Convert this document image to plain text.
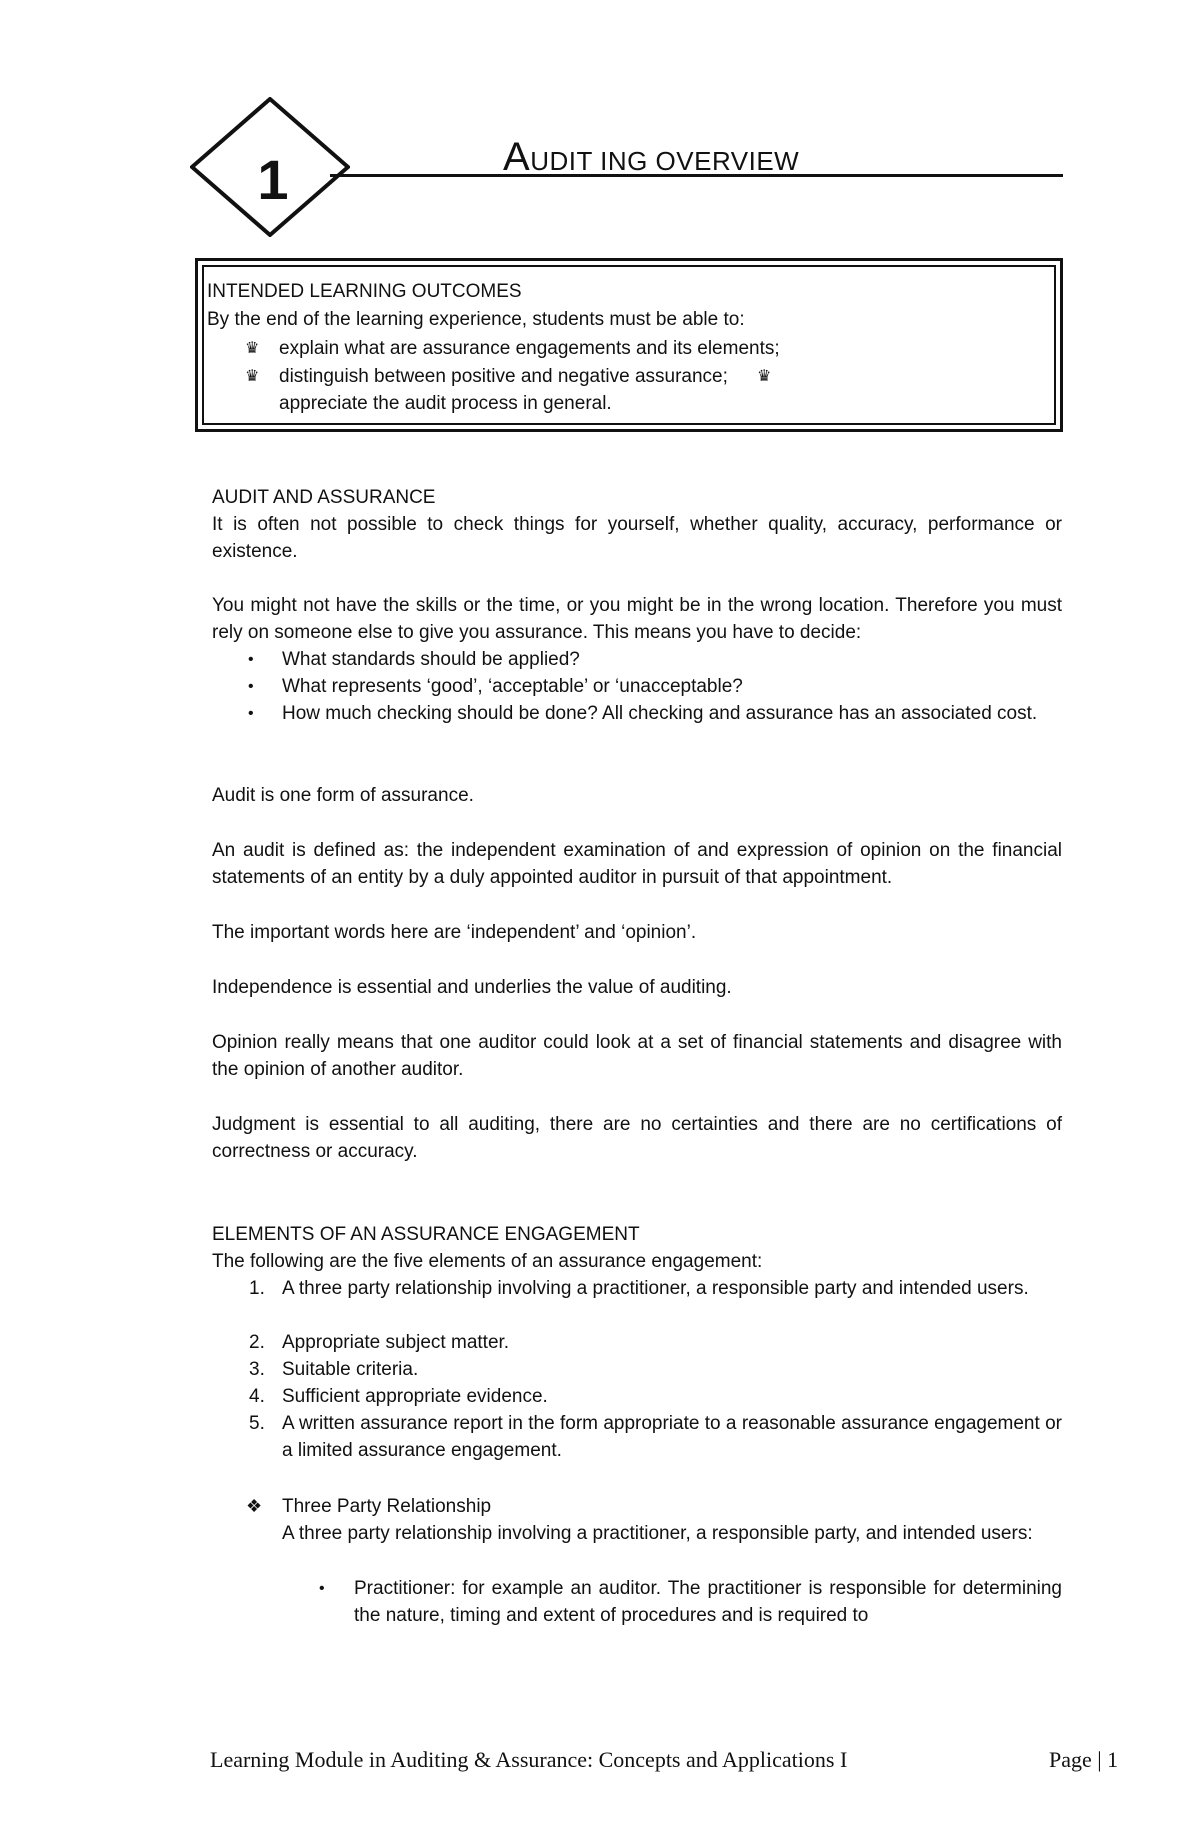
1	AUDIT ING OVERVIEW
INTENDED LEARNING OUTCOMES
By the end of the learning experience, students must be able to:
♛ explain what are assurance engagements and its elements;
♛ distinguish between positive and negative assurance; ♛
appreciate the audit process in general.
AUDIT AND ASSURANCE
It is often not possible to check things for yourself, whether quality, accuracy, performance or existence.
You might not have the skills or the time, or you might be in the wrong location. Therefore you must rely on someone else to give you assurance. This means you have to decide:
• What standards should be applied?
• What represents ‘good’, ‘acceptable’ or ‘unacceptable?
• How much checking should be done? All checking and assurance has an associated cost.
Audit is one form of assurance.
An audit is defined as: the independent examination of and expression of opinion on the financial statements of an entity by a duly appointed auditor in pursuit of that appointment.
The important words here are ‘independent’ and ‘opinion’.
Independence is essential and underlies the value of auditing.
Opinion really means that one auditor could look at a set of financial statements and disagree with the opinion of another auditor.
Judgment is essential to all auditing, there are no certainties and there are no certifications of correctness or accuracy.
ELEMENTS OF AN ASSURANCE ENGAGEMENT
The following are the five elements of an assurance engagement:
1. A three party relationship involving a practitioner, a responsible party and intended users.
2. Appropriate subject matter.
3. Suitable criteria.
4. Sufficient appropriate evidence.
5. A written assurance report in the form appropriate to a reasonable assurance engagement or a limited assurance engagement.
❖ Three Party Relationship
A three party relationship involving a practitioner, a responsible party, and intended users:
• Practitioner: for example an auditor. The practitioner is responsible for determining the nature, timing and extent of procedures and is required to
Learning Module in Auditing & Assurance: Concepts and Applications I	Page | 1
